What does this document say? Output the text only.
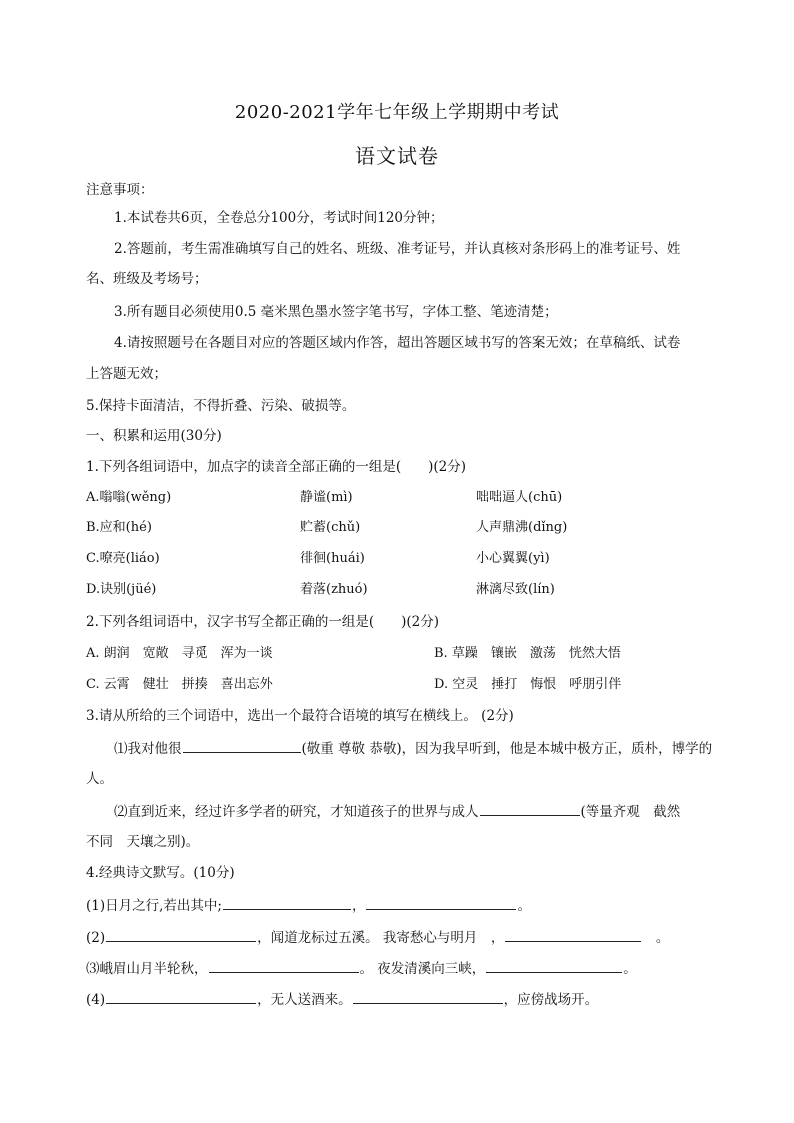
2020-2021学年七年级上学期期中考试
语文试卷
注意事项：
1.本试卷共6页，全卷总分100分，考试时间120分钟；
2.答题前，考生需准确填写自己的姓名、班级、准考证号，并认真核对条形码上的准考证号、姓
名、班级及考场号；
3.所有题目必须使用0.5 毫米黑色墨水签字笔书写，字体工整、笔迹清楚；
4.请按照题号在各题目对应的答题区域内作答，超出答题区域书写的答案无效；在草稿纸、试卷
上答题无效；
5.保持卡面清洁，不得折叠、污染、破损等。
一、积累和运用(30分)
1.下列各组词语中，加点字的读音全部正确的一组是(　　)(2分)
A.嗡嗡(wěng)	静谧(mì)	咄咄逼人(chū)
B.应和(hé)	贮蓄(chǔ)	人声鼎沸(dǐng)
C.嘹亮(liáo)	徘徊(huái)	小心翼翼(yì)
D.诀别(jüé)	着落(zhuó)	淋漓尽致(lín)
2.下列各组词语中，汉字书写全都正确的一组是(　　)(2分)
A. 朗润　宽敞　寻觅　浑为一谈	B. 草躁　镶嵌　激荡　恍然大悟
C. 云霄　健壮　拼揍　喜出忘外	D. 空灵　捶打　悔恨　呼朋引伴
3.请从所给的三个词语中，选出一个最符合语境的填写在横线上。 (2分)
⑴我对他很	(敬重 尊敬 恭敬)，因为我早听到，他是本城中极方正，质朴，博学的
人。
⑵直到近来，经过许多学者的研究，才知道孩子的世界与成人	(等量齐观　截然
不同　天壤之别)。
4.经典诗文默写。(10分)
(1)日月之行,若出其中;	，	。
(2)	，闻道龙标过五溪。 我寄愁心与明月　，	　。
⑶峨眉山月半轮秋，	。 夜发清溪向三峡，	。
(4)	，无人送酒来。	，应傍战场开。
